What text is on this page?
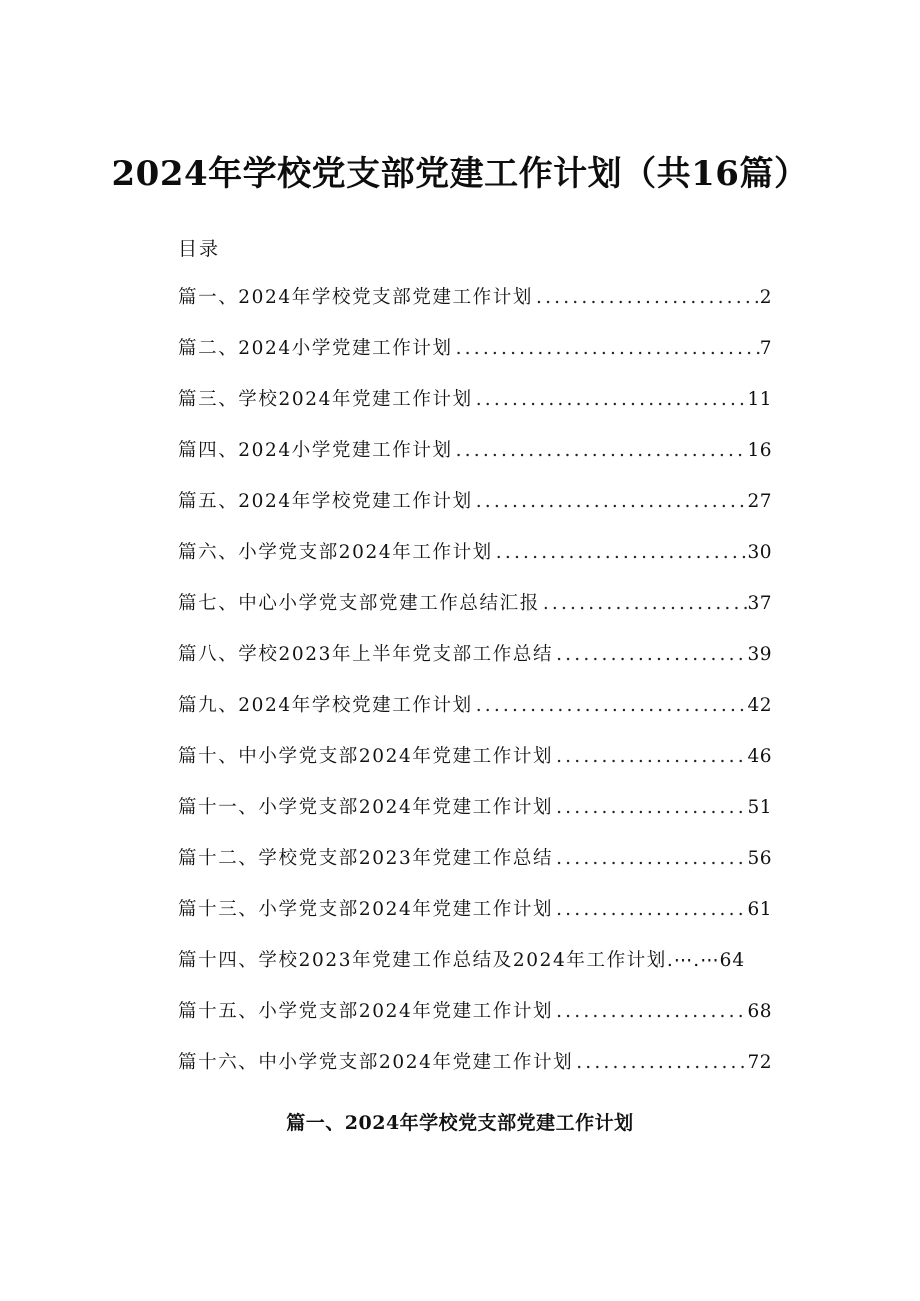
2024年学校党支部党建工作计划（共16篇）
目录
篇一、2024年学校党支部党建工作计划 .....	2
篇二、2024小学党建工作计划 .....	7
篇三、学校2024年党建工作计划 .....	11
篇四、2024小学党建工作计划 .....	16
篇五、2024年学校党建工作计划 .....	27
篇六、小学党支部2024年工作计划 .....	30
篇七、中心小学党支部党建工作总结汇报 .....	37
篇八、学校2023年上半年党支部工作总结 .....	39
篇九、2024年学校党建工作计划 .....	42
篇十、中小学党支部2024年党建工作计划 .....	46
篇十一、小学党支部2024年党建工作计划 .....	51
篇十二、学校党支部2023年党建工作总结 .....	56
篇十三、小学党支部2024年党建工作计划 .....	61
篇十四、学校2023年党建工作总结及2024年工作计划 .⋯.⋯64
篇十五、小学党支部2024年党建工作计划 .....	68
篇十六、中小学党支部2024年党建工作计划 .....	72
篇一、2024年学校党支部党建工作计划
